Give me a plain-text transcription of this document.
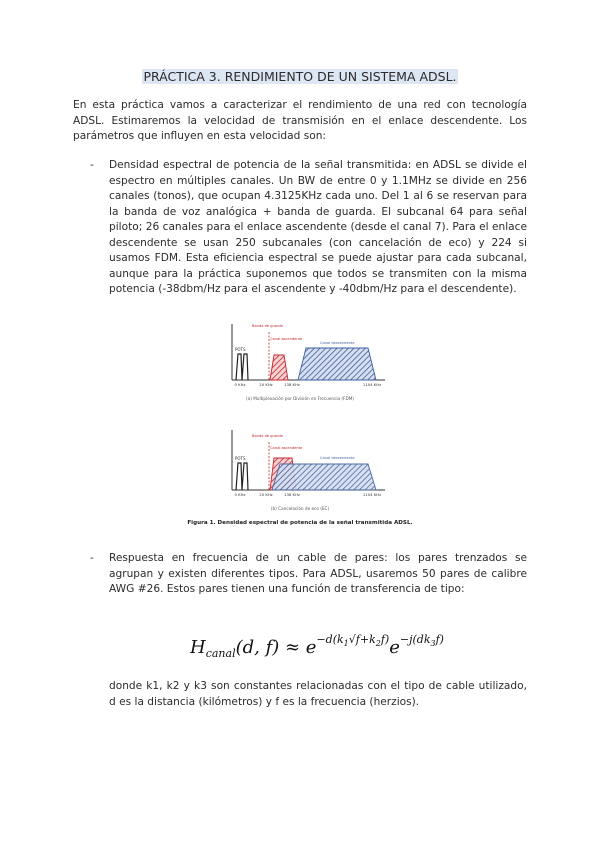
PRÁCTICA 3. RENDIMIENTO DE UN SISTEMA ADSL.

En esta práctica vamos a caracterizar el rendimiento de una red con tecnología ADSL. Estimaremos la velocidad de transmisión en el enlace descendente. Los parámetros que influyen en esta velocidad son:

- Densidad espectral de potencia de la señal transmitida: en ADSL se divide el espectro en múltiples canales. Un BW de entre 0 y 1.1MHz se divide en 256 canales (tonos), que ocupan 4.3125KHz cada uno. Del 1 al 6 se reservan para la banda de voz analógica + banda de guarda. El subcanal 64 para señal piloto; 26 canales para el enlace ascendente (desde el canal 7). Para el enlace descendente se usan 250 subcanales (con cancelación de eco) y 224 si usamos FDM. Esta eficiencia espectral se puede ajustar para cada subcanal, aunque para la práctica suponemos que todos se transmiten con la misma potencia (-38dbm/Hz para el ascendente y -40dbm/Hz para el descendente).

POTS
Banda de guarda
Canal ascendente
Canal descendente
0 KHz	20 KHz	138 KHz	1104 KHz
(a) Multiplexación por División en Frecuencia (FDM)
POTS
Banda de guarda
Canal ascendente
Canal descendente
0 KHz	20 KHz	138 KHz	1104 KHz
(b) Cancelación de eco (EC)
Figura 1. Densidad espectral de potencia de la señal transmitida ADSL.
- Respuesta en frecuencia de un cable de pares: los pares trenzados se agrupan y existen diferentes tipos. Para ADSL, usaremos 50 pares de calibre AWG #26. Estos pares tienen una función de transferencia de tipo:

$H_{canal}(d$, $f) \approx e^{-d(k}1√f+k2f)e^{-j(dk}3f$)

donde k1, k2 y k3 son constantes relacionadas con el tipo de cable utilizado, d es la distancia (kilómetros) y f es la frecuencia (herzios).
